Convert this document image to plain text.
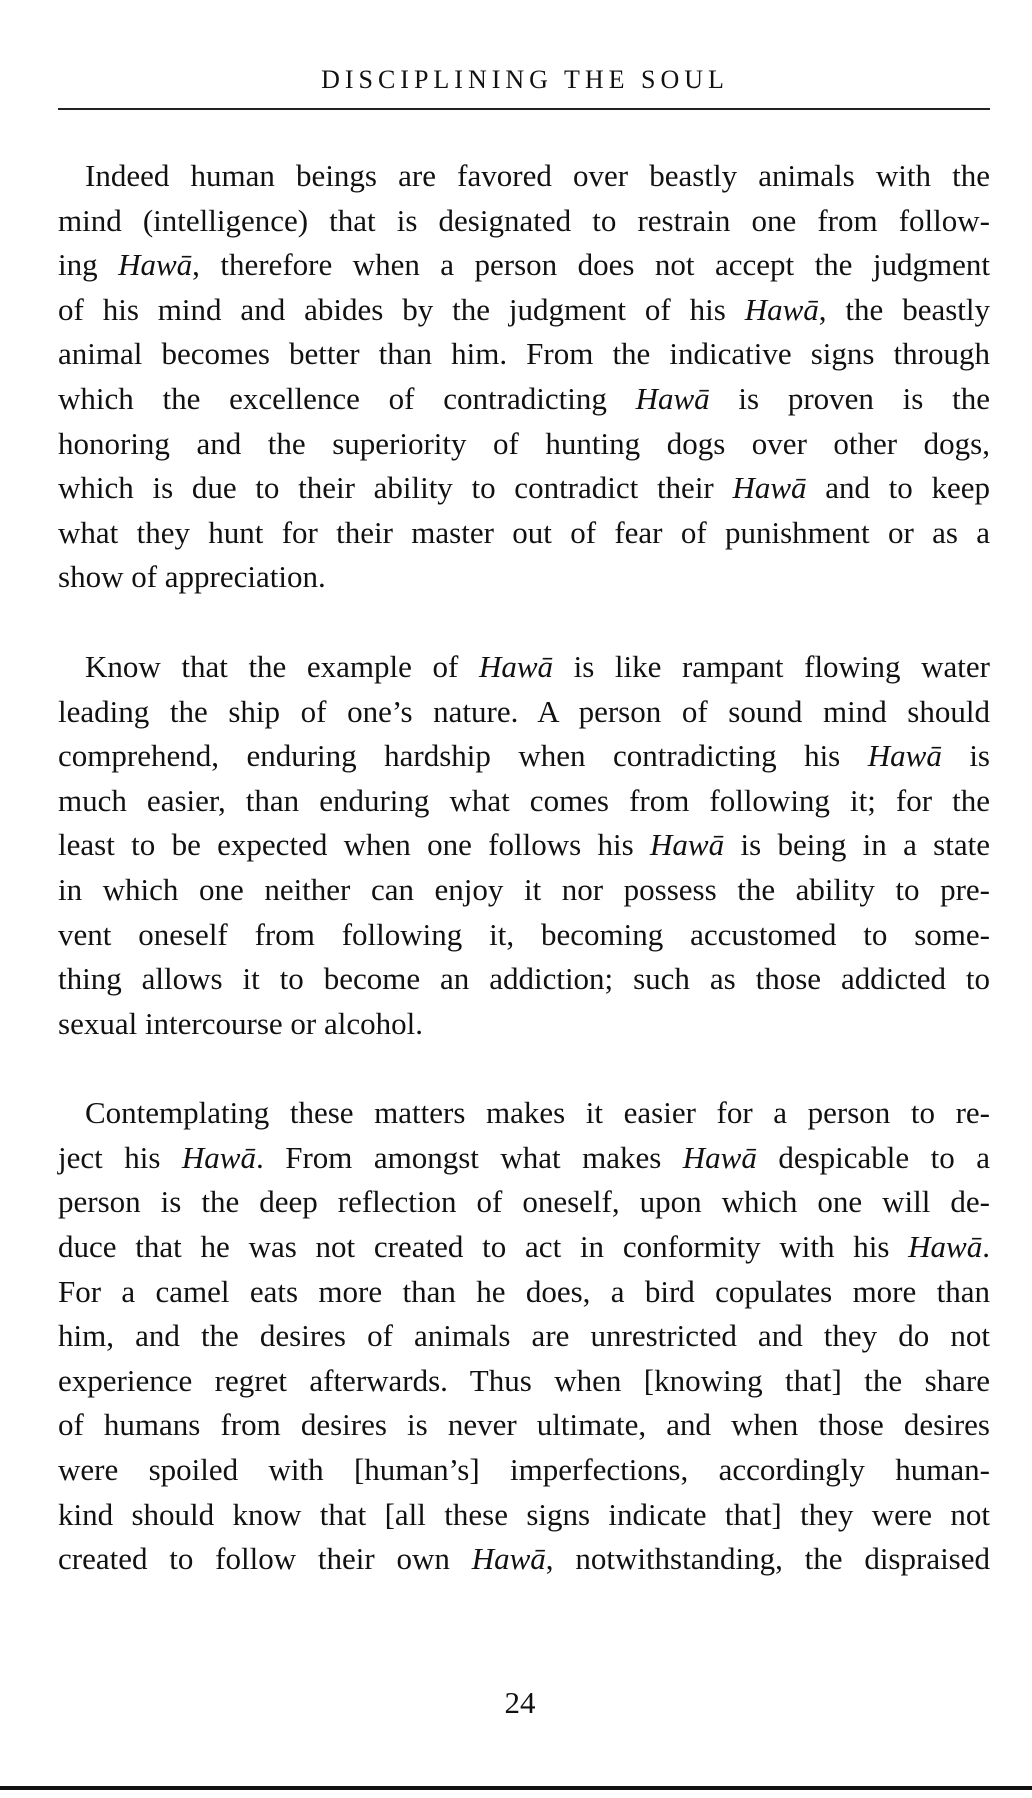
DISCIPLINING THE SOUL
Indeed human beings are favored over beastly animals with the
mind (intelligence) that is designated to restrain one from follow-
ing Hawā, therefore when a person does not accept the judgment
of his mind and abides by the judgment of his Hawā, the beastly
animal becomes better than him. From the indicative signs through
which the excellence of contradicting Hawā is proven is the
honoring and the superiority of hunting dogs over other dogs,
which is due to their ability to contradict their Hawā and to keep
what they hunt for their master out of fear of punishment or as a
show of appreciation.
Know that the example of Hawā is like rampant flowing water
leading the ship of one’s nature. A person of sound mind should
comprehend, enduring hardship when contradicting his Hawā is
much easier, than enduring what comes from following it; for the
least to be expected when one follows his Hawā is being in a state
in which one neither can enjoy it nor possess the ability to pre-
vent oneself from following it, becoming accustomed to some-
thing allows it to become an addiction; such as those addicted to
sexual intercourse or alcohol.
Contemplating these matters makes it easier for a person to re-
ject his Hawā. From amongst what makes Hawā despicable to a
person is the deep reflection of oneself, upon which one will de-
duce that he was not created to act in conformity with his Hawā.
For a camel eats more than he does, a bird copulates more than
him, and the desires of animals are unrestricted and they do not
experience regret afterwards. Thus when [knowing that] the share
of humans from desires is never ultimate, and when those desires
were spoiled with [human’s] imperfections, accordingly human-
kind should know that [all these signs indicate that] they were not
created to follow their own Hawā, notwithstanding, the dispraised
24
